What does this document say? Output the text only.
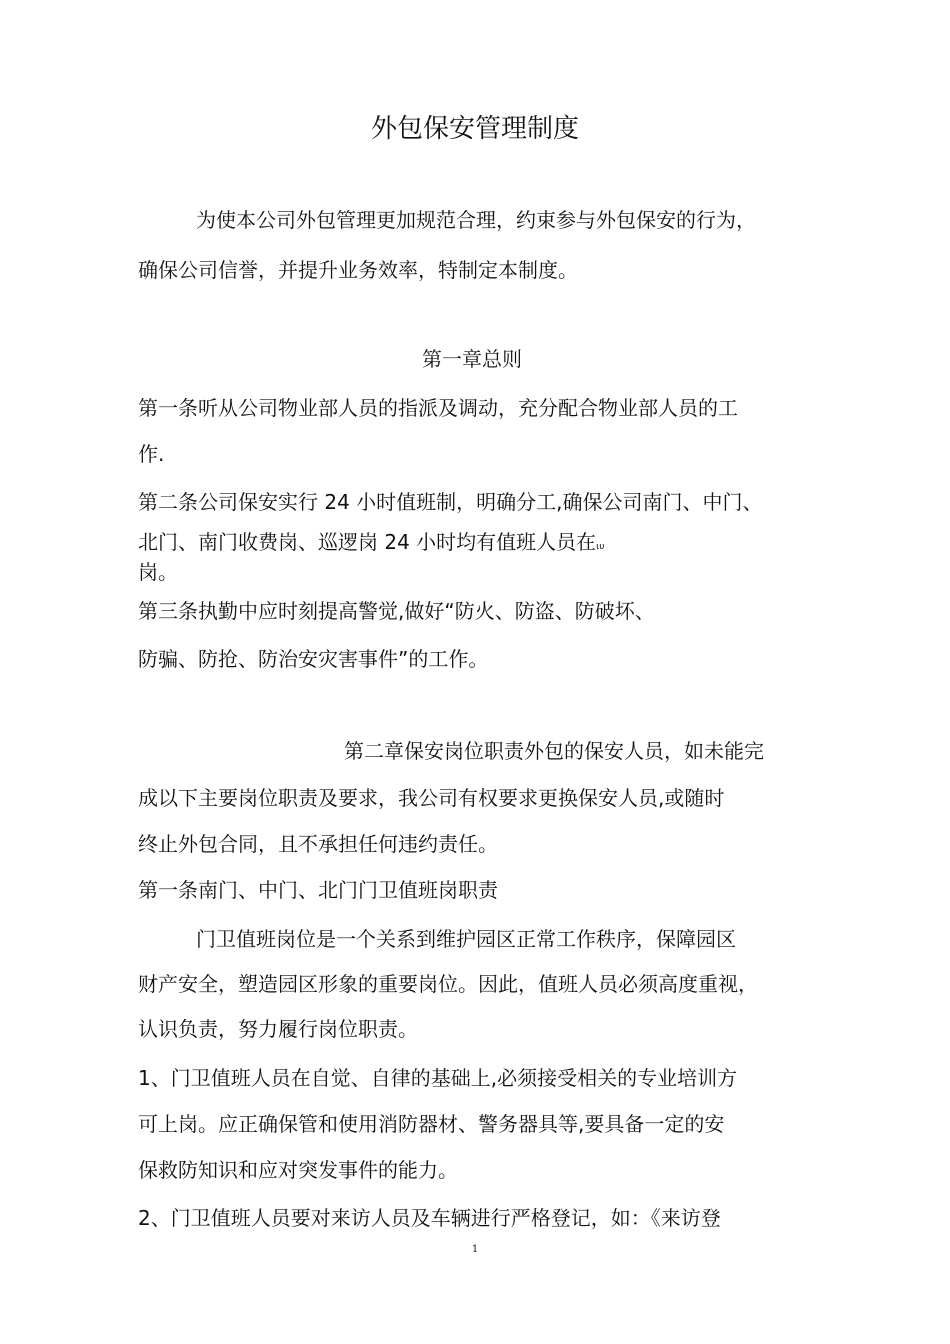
外包保安管理制度
为使本公司外包管理更加规范合理，约束参与外包保安的行为，
确保公司信誉，并提升业务效率，特制定本制度。
第一章总则
第一条听从公司物业部人员的指派及调动，充分配合物业部人员的工
作.
第二条公司保安实行 24 小时值班制，明确分工,确保公司南门、中门、
北门、南门收费岗、巡逻岗 24 小时均有值班人员在ιυ
岗。
第三条执勤中应时刻提高警觉,做好“防火、防盗、防破坏、
防骗、防抢、防治安灾害事件”的工作。
第二章保安岗位职责外包的保安人员，如未能完
成以下主要岗位职责及要求，我公司有权要求更换保安人员,或随时
终止外包合同，且不承担任何违约责任。
第一条南门、中门、北门门卫值班岗职责
门卫值班岗位是一个关系到维护园区正常工作秩序，保障园区
财产安全，塑造园区形象的重要岗位。因此，值班人员必须高度重视，
认识负责，努力履行岗位职责。
1、门卫值班人员在自觉、自律的基础上,必须接受相关的专业培训方
可上岗。应正确保管和使用消防器材、警务器具等,要具备一定的安
保救防知识和应对突发事件的能力。
2、门卫值班人员要对来访人员及车辆进行严格登记，如：《来访登
1
